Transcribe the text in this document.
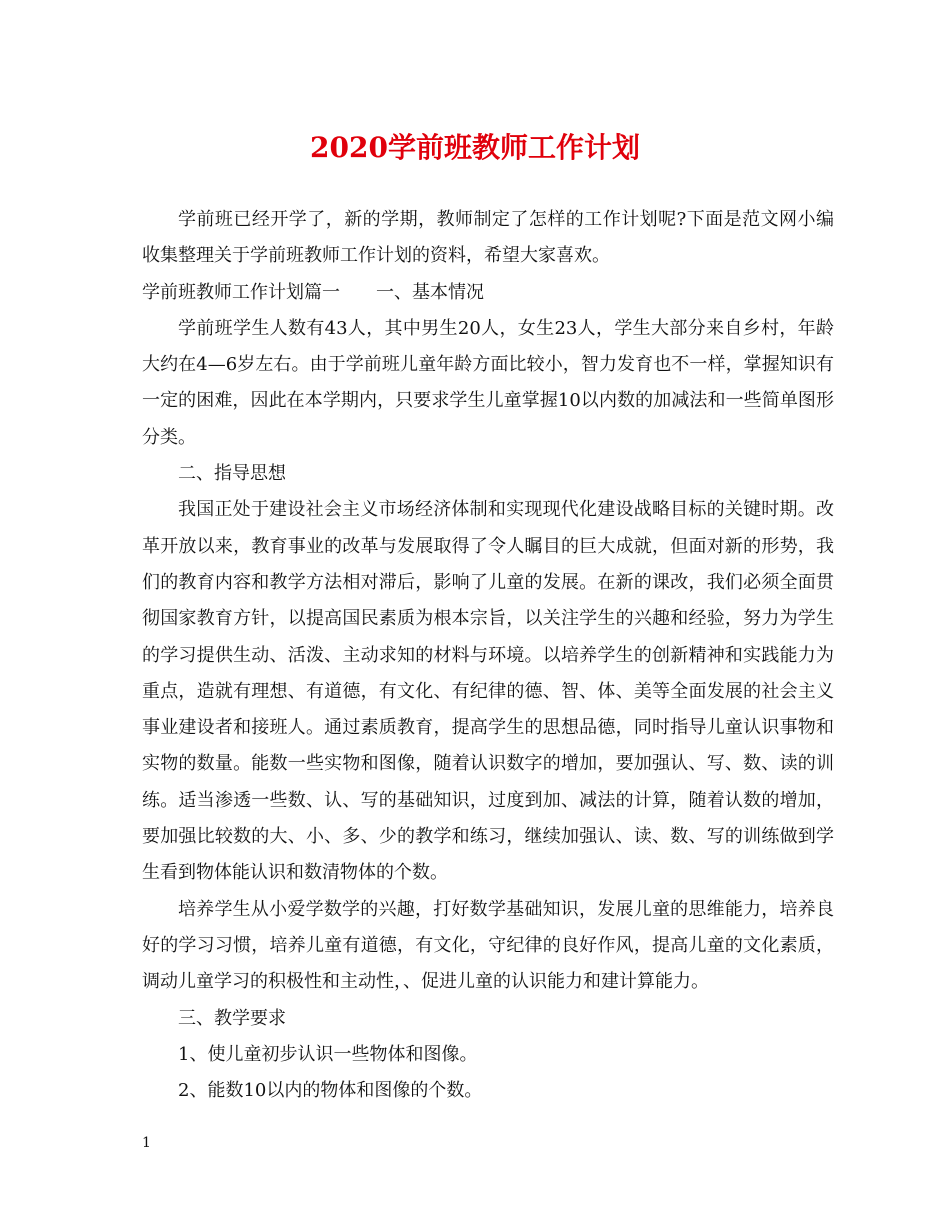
2020学前班教师工作计划

学前班已经开学了，新的学期，教师制定了怎样的工作计划呢?下面是范文网小编收集整理关于学前班教师工作计划的资料，希望大家喜欢。

学前班教师工作计划篇一　　一、基本情况

学前班学生人数有43人，其中男生20人，女生23人，学生大部分来自乡村，年龄大约在4—6岁左右。由于学前班儿童年龄方面比较小，智力发育也不一样，掌握知识有一定的困难，因此在本学期内，只要求学生儿童掌握10以内数的加减法和一些简单图形分类。

二、指导思想

我国正处于建设社会主义市场经济体制和实现现代化建设战略目标的关键时期。改革开放以来，教育事业的改革与发展取得了令人瞩目的巨大成就，但面对新的形势，我们的教育内容和教学方法相对滞后，影响了儿童的发展。在新的课改，我们必须全面贯彻国家教育方针，以提高国民素质为根本宗旨，以关注学生的兴趣和经验，努力为学生的学习提供生动、活泼、主动求知的材料与环境。以培养学生的创新精神和实践能力为重点，造就有理想、有道德，有文化、有纪律的德、智、体、美等全面发展的社会主义事业建设者和接班人。通过素质教育，提高学生的思想品德，同时指导儿童认识事物和实物的数量。能数一些实物和图像，随着认识数字的增加，要加强认、写、数、读的训练。适当渗透一些数、认、写的基础知识，过度到加、减法的计算，随着认数的增加，要加强比较数的大、小、多、少的教学和练习，继续加强认、读、数、写的训练做到学生看到物体能认识和数清物体的个数。

培养学生从小爱学数学的兴趣，打好数学基础知识，发展儿童的思维能力，培养良好的学习习惯，培养儿童有道德，有文化，守纪律的良好作风，提高儿童的文化素质，调动儿童学习的积极性和主动性，、促进儿童的认识能力和建计算能力。

三、教学要求

1、使儿童初步认识一些物体和图像。

2、能数10以内的物体和图像的个数。

1
